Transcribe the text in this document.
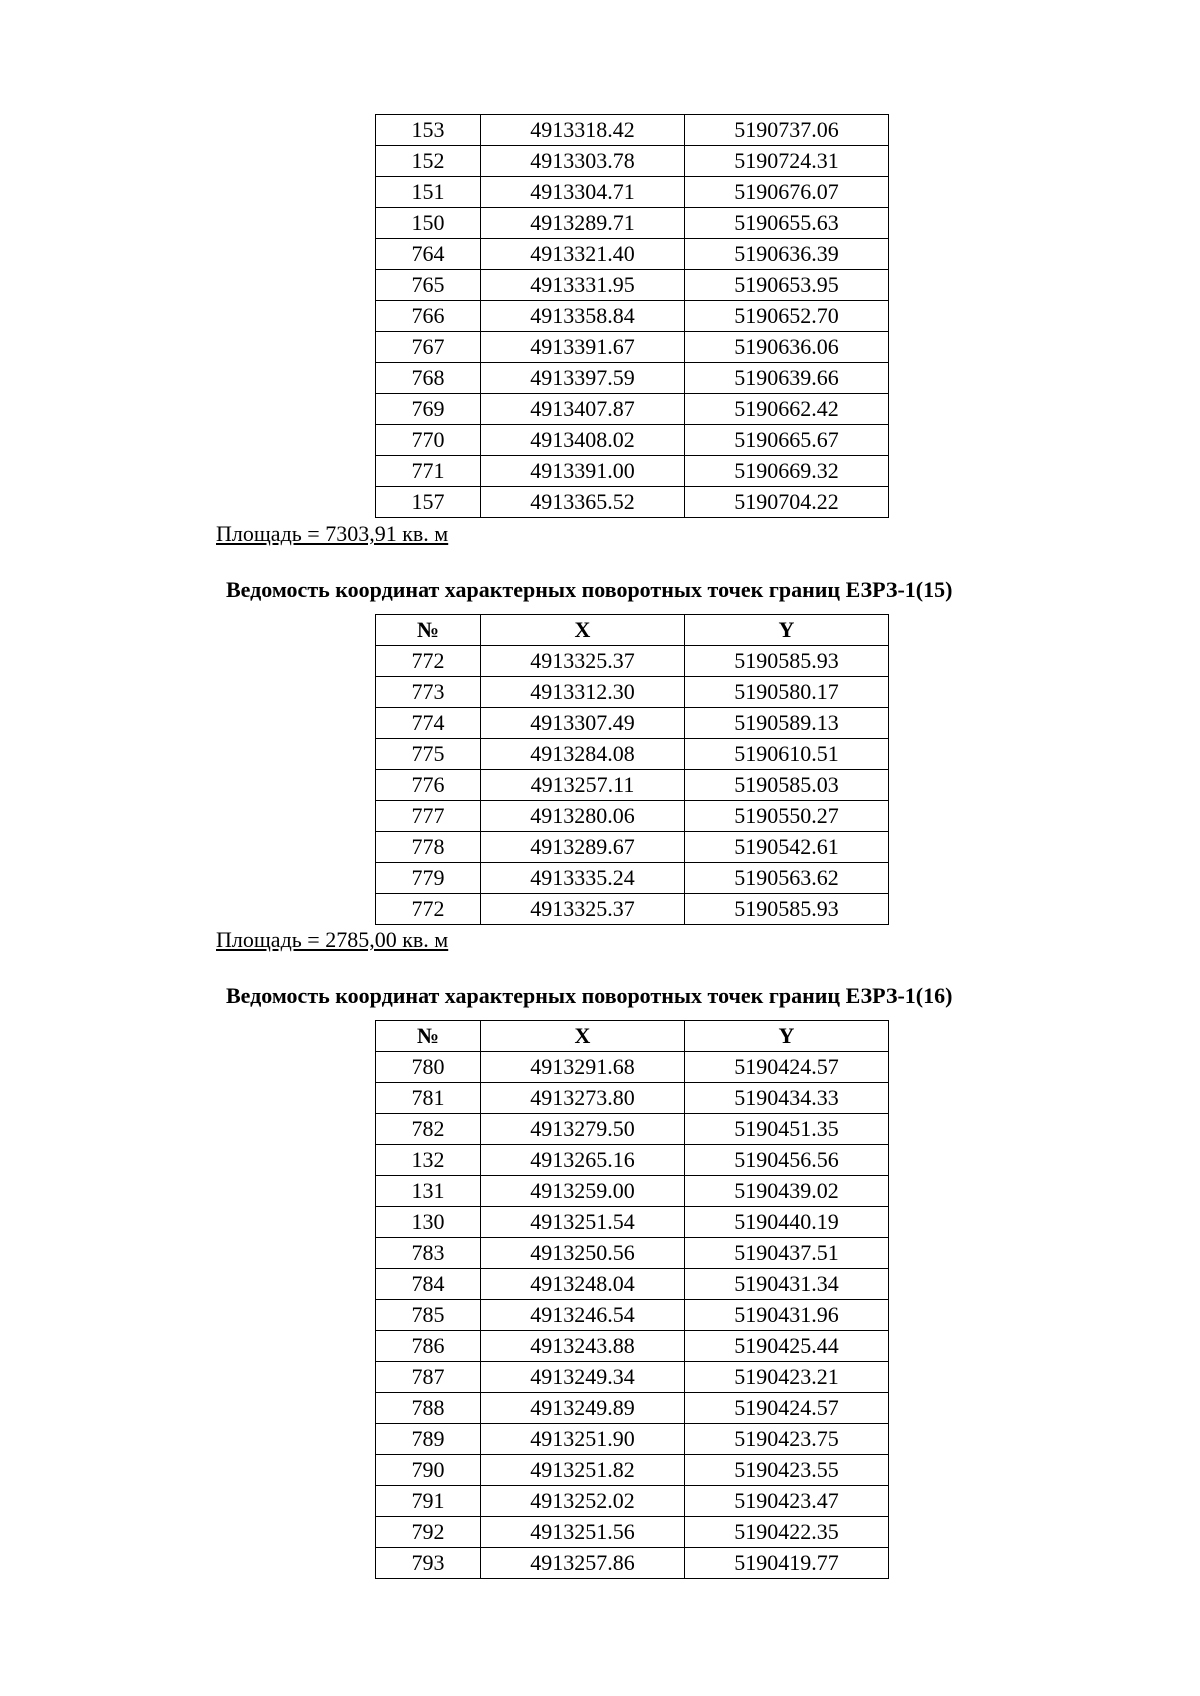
153	4913318.42	5190737.06
152	4913303.78	5190724.31
151	4913304.71	5190676.07
150	4913289.71	5190655.63
764	4913321.40	5190636.39
765	4913331.95	5190653.95
766	4913358.84	5190652.70
767	4913391.67	5190636.06
768	4913397.59	5190639.66
769	4913407.87	5190662.42
770	4913408.02	5190665.67
771	4913391.00	5190669.32
157	4913365.52	5190704.22
Площадь = 7303,91 кв. м
Ведомость координат характерных поворотных точек границ ЕЗРЗ-1(15)
№	X	Y
772	4913325.37	5190585.93
773	4913312.30	5190580.17
774	4913307.49	5190589.13
775	4913284.08	5190610.51
776	4913257.11	5190585.03
777	4913280.06	5190550.27
778	4913289.67	5190542.61
779	4913335.24	5190563.62
772	4913325.37	5190585.93
Площадь = 2785,00 кв. м
Ведомость координат характерных поворотных точек границ ЕЗРЗ-1(16)
№	X	Y
780	4913291.68	5190424.57
781	4913273.80	5190434.33
782	4913279.50	5190451.35
132	4913265.16	5190456.56
131	4913259.00	5190439.02
130	4913251.54	5190440.19
783	4913250.56	5190437.51
784	4913248.04	5190431.34
785	4913246.54	5190431.96
786	4913243.88	5190425.44
787	4913249.34	5190423.21
788	4913249.89	5190424.57
789	4913251.90	5190423.75
790	4913251.82	5190423.55
791	4913252.02	5190423.47
792	4913251.56	5190422.35
793	4913257.86	5190419.77
